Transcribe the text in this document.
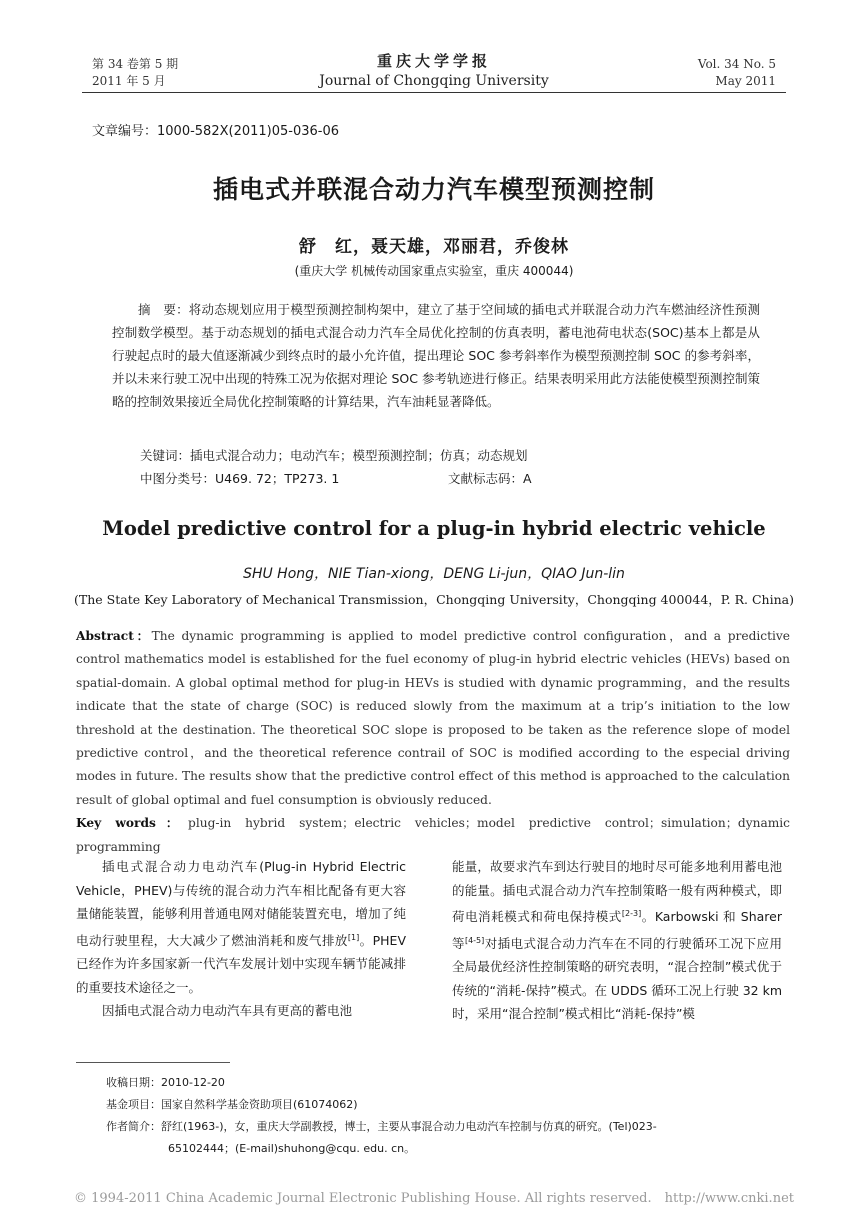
第 34 卷第 5 期
2011 年 5 月
重庆大学学报
Journal of Chongqing University
Vol. 34 No. 5
May 2011
文章编号：1000-582X(2011)05-036-06
插电式并联混合动力汽车模型预测控制
舒　红，聂天雄，邓丽君，乔俊林
(重庆大学 机械传动国家重点实验室，重庆 400044)
摘　要：将动态规划应用于模型预测控制构架中，建立了基于空间域的插电式并联混合动力汽车燃油经济性预测控制数学模型。基于动态规划的插电式混合动力汽车全局优化控制的仿真表明，蓄电池荷电状态(SOC)基本上都是从行驶起点时的最大值逐渐减少到终点时的最小允许值，提出理论 SOC 参考斜率作为模型预测控制 SOC 的参考斜率，并以未来行驶工况中出现的特殊工况为依据对理论 SOC 参考轨迹进行修正。结果表明采用此方法能使模型预测控制策略的控制效果接近全局优化控制策略的计算结果，汽车油耗显著降低。
关键词：插电式混合动力；电动汽车；模型预测控制；仿真；动态规划
中图分类号：U469. 72；TP273. 1	文献标志码：A
Model predictive control for a plug-in hybrid electric vehicle
SHU Hong，NIE Tian-xiong，DENG Li-jun，QIAO Jun-lin
(The State Key Laboratory of Mechanical Transmission，Chongqing University，Chongqing 400044，P. R. China)
Abstract：The dynamic programming is applied to model predictive control configuration，and a predictive control mathematics model is established for the fuel economy of plug-in hybrid electric vehicles (HEVs) based on spatial-domain. A global optimal method for plug-in HEVs is studied with dynamic programming，and the results indicate that the state of charge (SOC) is reduced slowly from the maximum at a trip’s initiation to the low threshold at the destination. The theoretical SOC slope is proposed to be taken as the reference slope of model predictive control，and the theoretical reference contrail of SOC is modified according to the especial driving modes in future. The results show that the predictive control effect of this method is approached to the calculation result of global optimal and fuel consumption is obviously reduced.
Key words：plug-in hybrid system；electric vehicles；model predictive control；simulation；dynamic programming

插电式混合动力电动汽车(Plug-in Hybrid Electric Vehicle，PHEV)与传统的混合动力汽车相比配备有更大容量储能装置，能够利用普通电网对储能装置充电，增加了纯电动行驶里程，大大减少了燃油消耗和废气排放[1]。PHEV 已经作为许多国家新一代汽车发展计划中实现车辆节能减排的重要技术途径之一。

因插电式混合动力电动汽车具有更高的蓄电池

能量，故要求汽车到达行驶目的地时尽可能多地利用蓄电池的能量。插电式混合动力汽车控制策略一般有两种模式，即荷电消耗模式和荷电保持模式[2-3]。Karbowski 和 Sharer 等[4-5]对插电式混合动力汽车在不同的行驶循环工况下应用全局最优经济性控制策略的研究表明，“混合控制”模式优于传统的“消耗-保持”模式。在 UDDS 循环工况上行驶 32 km时，采用“混合控制”模式相比“消耗-保持”模

收稿日期：2010-12-20
基金项目：国家自然科学基金资助项目(61074062)
作者简介：舒红(1963-)，女，重庆大学副教授，博士，主要从事混合动力电动汽车控制与仿真的研究。(Tel)023-
65102444；(E-mail)shuhong@cqu. edu. cn。
© 1994-2011 China Academic Journal Electronic Publishing House. All rights reserved.　http://www.cnki.net
